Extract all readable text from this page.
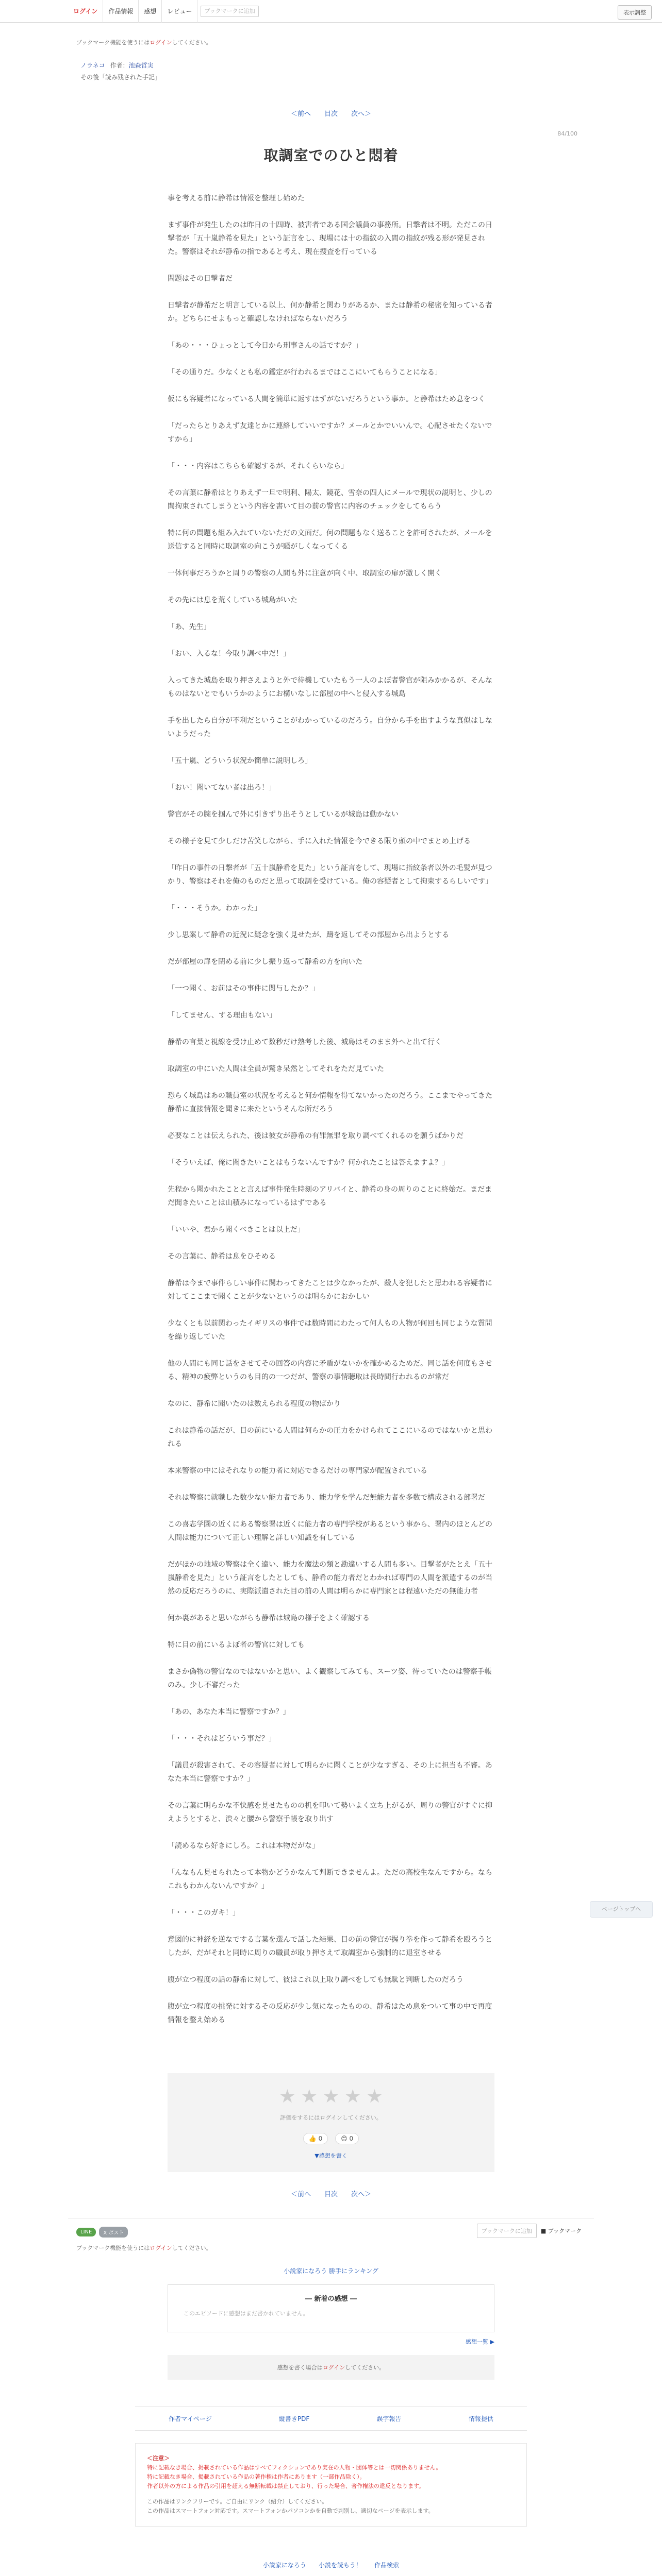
ログイン	作品情報	感想	レビュー	ブックマークに追加	表示調整
ブックマーク機能を使うにはログインしてください。
ノラネコ 作者： 池森哲実
その後「読み残された手記」
＜前へ 目次 次へ＞
84/100
取調室でのひと悶着

事を考える前に静希は情報を整理し始めた

まず事件が発生したのは昨日の十四時、被害者である国会議員の事務所。日撃者は不明。ただこの日撃者が「五十嵐静希を見た」という証言をし、現場には十の指紋の入間の指紋が残る形が発見された。警察はそれが静希の指であると考え、現在捜査を行っている

問題はその日撃者だ

日撃者が静希だと明言している以上、何か静希と関わりがあるか、または静希の秘密を知っている者か。どちらにせよもっと確認しなければならないだろう

「あの・・・ひょっとして今日から刑事さんの話ですか？」

「その通りだ。少なくとも私の鑑定が行われるまではここにいてもらうことになる」

仮にも容疑者になっている人間を簡単に返すはずがないだろうという事か。と静希はため息をつく

「だったらとりあえず友達とかに連絡していいですか？メールとかでいいんで。心配させたくないですから」

「・・・内容はこちらも確認するが、それくらいなら」

その言葉に静希はとりあえず一旦で明利、陽太、鏡花、雪奈の四人にメールで現状の説明と、少しの間拘束されてしまうという内容を書いて目の前の警官に内容のチェックをしてもらう

特に何の問題も組み入れていないただの文面だ。何の問題もなく送ることを許可されたが、メールを送信すると同時に取調室の向こうが騒がしくなってくる

一体何事だろうかと周りの警察の人間も外に注意が向く中、取調室の扉が激しく開く

その先には息を荒くしている城島がいた

「あ、先生」

「おい、入るな！今取り調べ中だ！」

入ってきた城島を取り押さえようと外で待機していたもう一人のよぼ者警官が阻みかかるが、そんなものはないとでもいうかのようにお構いなしに部屋の中へと侵入する城島

手を出したら自分が不利だということがわかっているのだろう。自分から手を出すような真似はしないようだった

「五十嵐、どういう状況か簡単に説明しろ」

「おい！聞いてない者は出ろ！」

警官がその腕を掴んで外に引きずり出そうとしているが城島は動かない

その様子を見て少しだけ苦笑しながら、手に入れた情報を今できる限り頭の中でまとめ上げる

「昨日の事件の日撃者が「五十嵐静希を見た」という証言をして、現場に指紋条者以外の毛髪が見つかり、警察はそれを俺のものだと思って取調を受けている。俺の容疑者として拘束するらしいです」

「・・・そうか。わかった」

少し思案して静希の近況に疑念を強く見せたが、躊を返してその部屋から出ようとする

だが部屋の扉を閉める前に少し振り返って静希の方を向いた

「一つ聞く、お前はその事件に関与したか？」

「してません、する理由もない」

静希の言葉と視線を受け止めて数秒だけ熟考した後、城島はそのまま外へと出て行く

取調室の中にいた人間は全員が驚き呆然としてそれをただ見ていた

恐らく城島はあの職員室の状況を考えると何か情報を得てないかったのだろう。ここまでやってきた静希に直接情報を聞きに来たというそんな所だろう

必要なことは伝えられた、後は彼女が静希の有罪無罪を取り調べてくれるのを願うばかりだ

「そういえば、俺に聞きたいことはもうないんですか？何かれたことは答えますよ？」

先程から聞かれたことと言えば事件発生時刻のアリバイと、静希の身の周りのことに終始だ。まだまだ聞きたいことは山積みになっているはずである

「いいや、君から聞くべきことは以上だ」

その言葉に、静希は息をひそめる

静希は今まで事件らしい事件に関わってきたことは少なかったが、殺人を犯したと思われる容疑者に対してここまで聞くことが少ないというのは明らかにおかしい

少なくとも以前関わったイギリスの事件では数時間にわたって何人もの人物が何回も同じような質問を繰り返していた

他の人間にも同じ話をさせてその回答の内容に矛盾がないかを確かめるためだ。同じ話を何度もさせる、精神の疲弊というのも目的の一つだが、警察の事情聴取は長時間行われるのが常だ

なのに、静希に聞いたのは数えられる程度の物ばかり

これは静希の話だが、目の前にいる人間は何らかの圧力をかけられてここにいるのではないかと思われる

本来警察の中にはそれなりの能力者に対応できるだけの専門家が配置されている

それは警察に就職した数少ない能力者であり、能力学を学んだ無能力者を多数で構成される部署だ

この喜志学園の近くにある警察署は近くに能力者の専門学校があるという事から、署内のほとんどの人間は能力について正しい理解と詳しい知識を有している

だがほかの地域の警察は全く違い、能力を魔法の類と勘違いする人間も多い。目撃者がたとえ「五十嵐静希を見た」という証言をしたとしても、静希の能力者だとわかれば専門の人間を派遣するのが当然の反応だろうのに、実際派遣された目の前の人間は明らかに専門家とは程遠いただの無能力者

何か裏があると思いながらも静希は城島の様子をよく確認する

特に目の前にいるよぼ者の警官に対しても

まさか偽物の警官なのではないかと思い、よく観察してみても、スーツ姿、待っていたのは警察手帳のみ。少し不審だった

「あの、あなた本当に警察ですか？」

「・・・それはどういう事だ？」

「議員が殺害されて、その容疑者に対して明らかに聞くことが少なすぎる、その上に担当も不審。あなた本当に警察ですか？」

その言葉に明らかな不快感を見せたものの机を叩いて勢いよく立ち上がるが、周りの警官がすぐに抑えようとすると、渋々と腰から警察手帳を取り出す

「読めるなら好きにしろ。これは本物だがな」

「んなもん見せられたって本物かどうかなんて判断できませんよ。ただの高校生なんですから。ならこれもわかんないんですか？」

「・・・このガキ！」

意図的に神経を逆なでする言葉を選んで話した結果、目の前の警官が握り拳を作って静希を殴ろうとしたが、だがそれと同時に周りの職員が取り押さえて取調室から強制的に退室させる

腹が立つ程度の話の静希に対して、彼はこれ以上取り調べをしても無駄と判断したのだろう

腹が立つ程度の挑発に対するその反応が少し気になったものの、静希はため息をついて事の中で再度情報を整え始める

★ ★ ★ ★ ★
評価をするにはログインしてください。
👍 0	😊 0
▼感想を書く
＜前へ 目次 次へ＞
LINE	X ポスト	ブックマークに追加	■ ブックマーク
ブックマーク機能を使うにはログインしてください。
小説家になろう 勝手にランキング
― 新着の感想 ―
このエピソードに感想はまだ書かれていません。
感想一覧 ▶
感想を書く場合はログインしてください。
作者マイページ	縦書きPDF	誤字報告	情報提供
＜注意＞
特に記載なき場合、掲載されている作品はすべてフィクションであり実在の人物・団体等とは一切関係ありません。
特に記載なき場合、掲載されている作品の著作権は作者にあります（一部作品除く）。
作者以外の方による作品の引用を超える無断転載は禁止しており、行った場合、著作権法の違反となります。
この作品はリンクフリーです。ご自由にリンク（紹介）してください。
この作品はスマートフォン対応です。スマートフォンかパソコンかを自動で判別し、適切なページを表示します。
小説家になろう 小説を読もう！ 作品検索
ページトップへ
